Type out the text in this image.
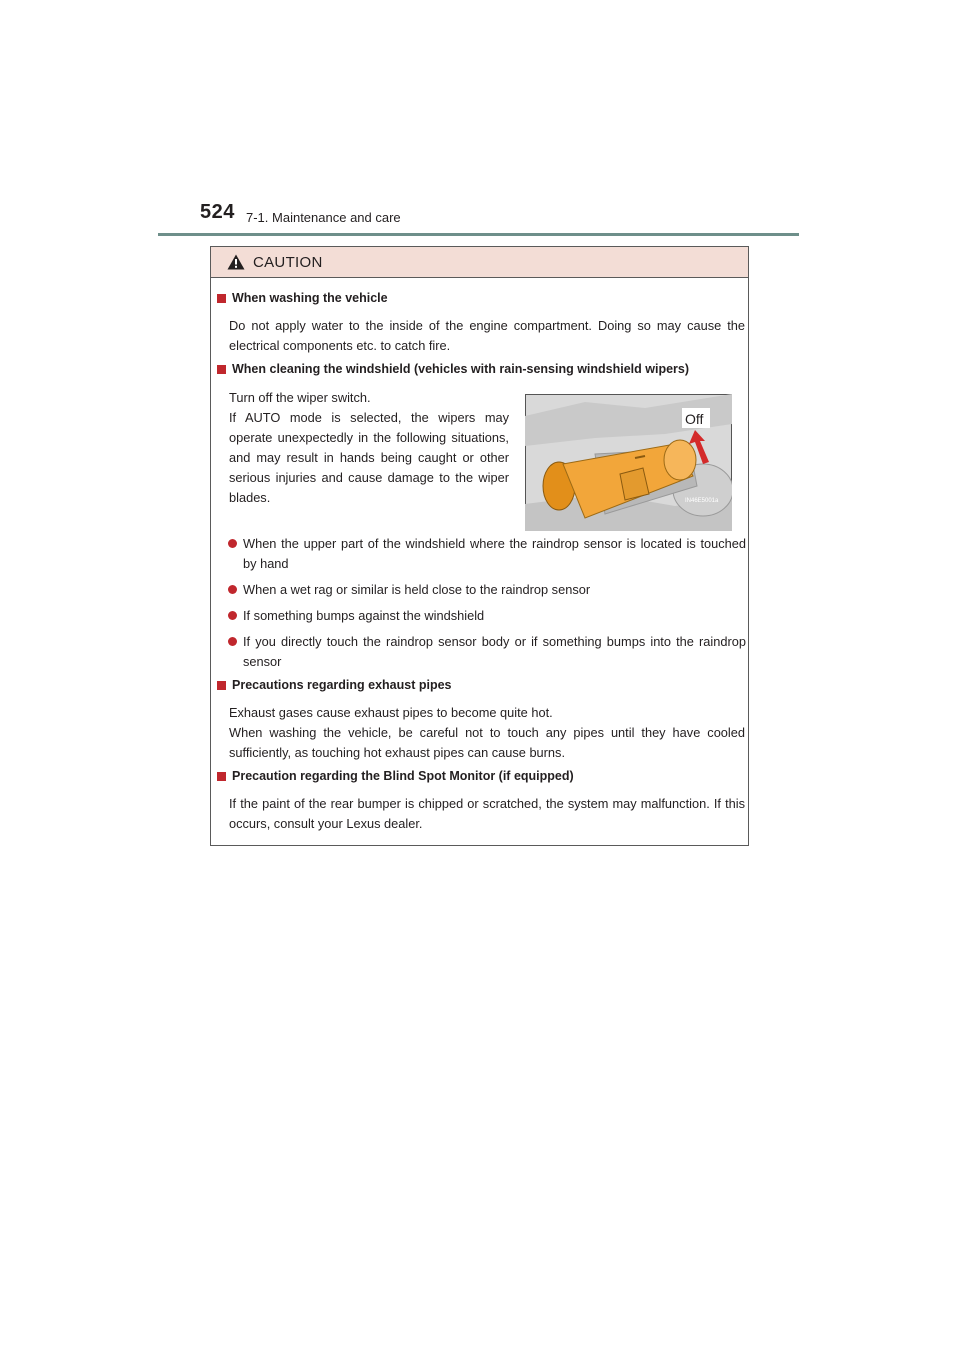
524 7-1. Maintenance and care
CAUTION
When washing the vehicle
Do not apply water to the inside of the engine compartment. Doing so may cause the electrical components etc. to catch fire.
When cleaning the windshield (vehicles with rain-sensing windshield wipers)
Turn off the wiper switch.
If AUTO mode is selected, the wipers may operate unexpectedly in the following situations, and may result in hands being caught or other serious injuries and cause damage to the wiper blades.	IN46E5001a
Off
When the upper part of the windshield where the raindrop sensor is located is touched by hand
When a wet rag or similar is held close to the raindrop sensor
If something bumps against the windshield
If you directly touch the raindrop sensor body or if something bumps into the raindrop sensor
Precautions regarding exhaust pipes
Exhaust gases cause exhaust pipes to become quite hot.
When washing the vehicle, be careful not to touch any pipes until they have cooled sufficiently, as touching hot exhaust pipes can cause burns.
Precaution regarding the Blind Spot Monitor (if equipped)
If the paint of the rear bumper is chipped or scratched, the system may malfunction. If this occurs, consult your Lexus dealer.
